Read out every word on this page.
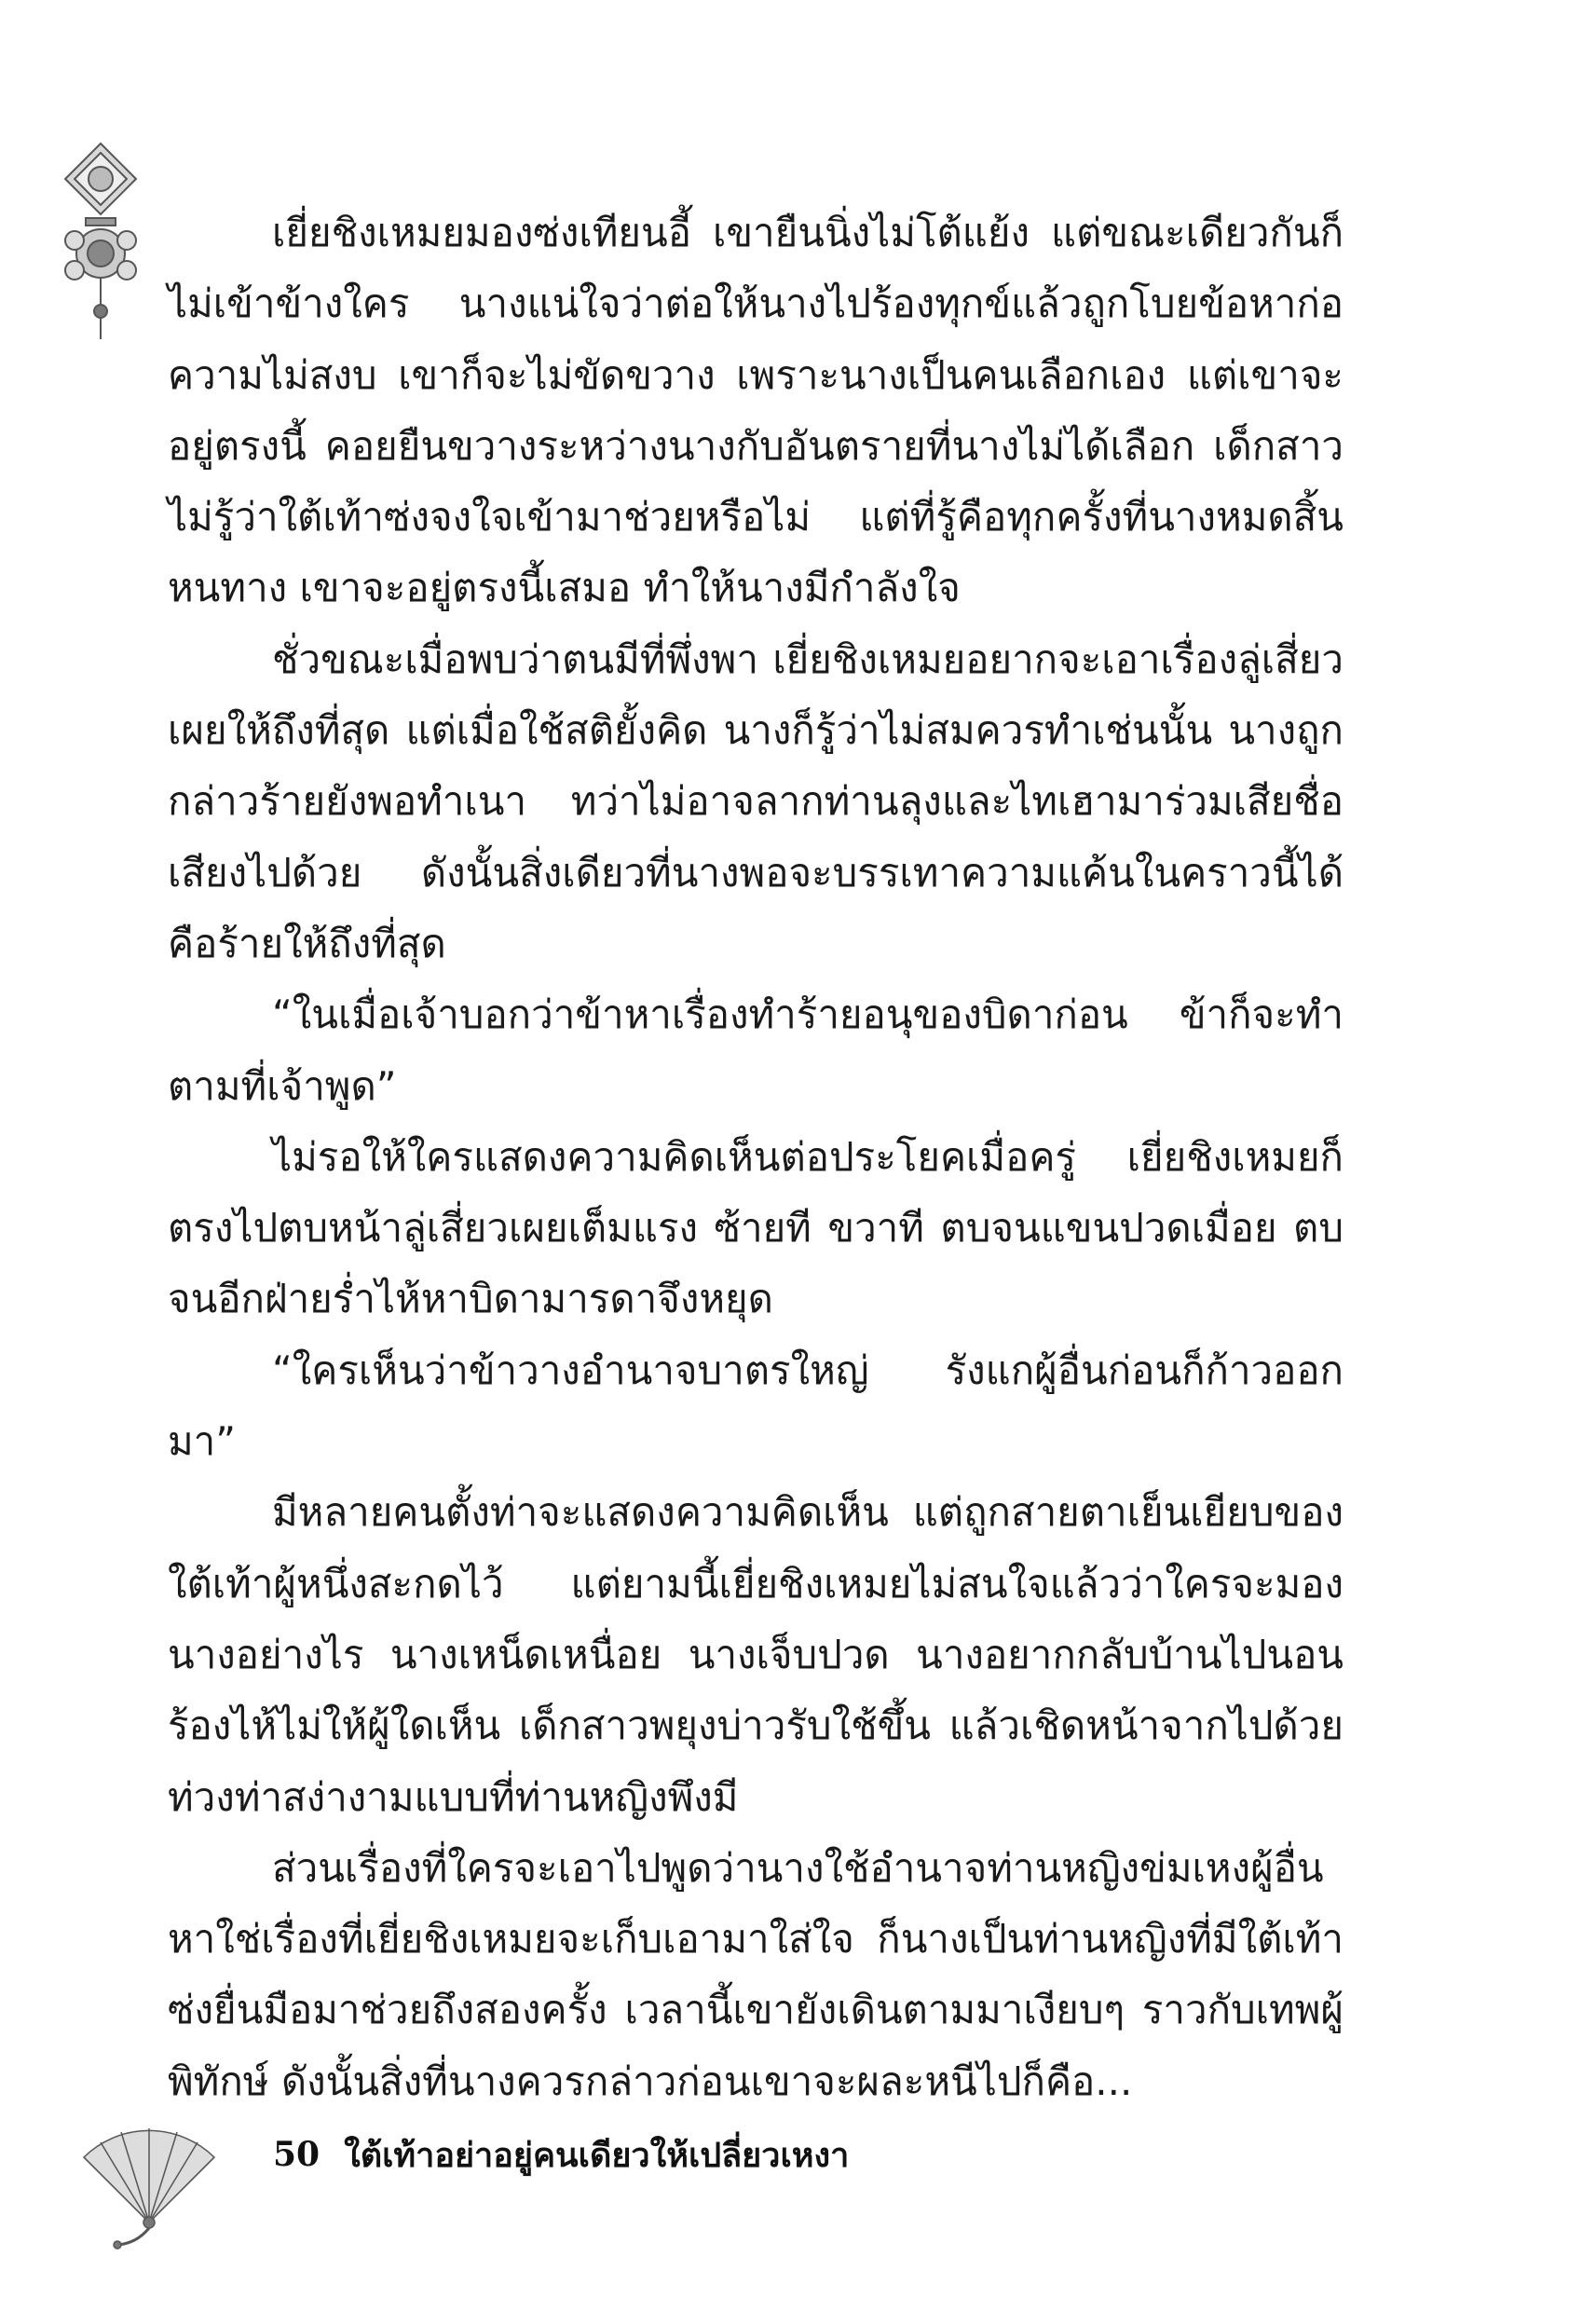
เยี่ยชิงเหมยมองซ่งเทียนอี้ เขายืนนิ่งไม่โต้แย้ง แต่ขณะเดียวกันก็ไม่เข้าข้างใคร นางแน่ใจว่าต่อให้นางไปร้องทุกข์แล้วถูกโบยข้อหาก่อความไม่สงบ เขาก็จะไม่ขัดขวาง เพราะนางเป็นคนเลือกเอง แต่เขาจะอยู่ตรงนี้ คอยยืนขวางระหว่างนางกับอันตรายที่นางไม่ได้เลือก เด็กสาวไม่รู้ว่าใต้เท้าซ่งจงใจเข้ามาช่วยหรือไม่ แต่ที่รู้คือทุกครั้งที่นางหมดสิ้นหนทาง เขาจะอยู่ตรงนี้เสมอ ทำให้นางมีกำลังใจ

ชั่วขณะเมื่อพบว่าตนมีที่พึ่งพา เยี่ยชิงเหมยอยากจะเอาเรื่องลู่เสี่ยวเผยให้ถึงที่สุด แต่เมื่อใช้สติยั้งคิด นางก็รู้ว่าไม่สมควรทำเช่นนั้น นางถูกกล่าวร้ายยังพอทำเนา ทว่าไม่อาจลากท่านลุงและไทเฮามาร่วมเสียชื่อเสียงไปด้วย ดังนั้นสิ่งเดียวที่นางพอจะบรรเทาความแค้นในคราวนี้ได้คือร้ายให้ถึงที่สุด

“ในเมื่อเจ้าบอกว่าข้าหาเรื่องทำร้ายอนุของบิดาก่อน ข้าก็จะทำตามที่เจ้าพูด”

ไม่รอให้ใครแสดงความคิดเห็นต่อประโยคเมื่อครู่ เยี่ยชิงเหมยก็ตรงไปตบหน้าลู่เสี่ยวเผยเต็มแรง ซ้ายที ขวาที ตบจนแขนปวดเมื่อย ตบจนอีกฝ่ายร่ำไห้หาบิดามารดาจึงหยุด

“ใครเห็นว่าข้าวางอำนาจบาตรใหญ่ รังแกผู้อื่นก่อนก็ก้าวออกมา”

มีหลายคนตั้งท่าจะแสดงความคิดเห็น แต่ถูกสายตาเย็นเยียบของใต้เท้าผู้หนึ่งสะกดไว้ แต่ยามนี้เยี่ยชิงเหมยไม่สนใจแล้วว่าใครจะมองนางอย่างไร นางเหน็ดเหนื่อย นางเจ็บปวด นางอยากกลับบ้านไปนอนร้องไห้ไม่ให้ผู้ใดเห็น เด็กสาวพยุงบ่าวรับใช้ขึ้น แล้วเชิดหน้าจากไปด้วยท่วงท่าสง่างามแบบที่ท่านหญิงพึงมี

ส่วนเรื่องที่ใครจะเอาไปพูดว่านางใช้อำนาจท่านหญิงข่มเหงผู้อื่นหาใช่เรื่องที่เยี่ยชิงเหมยจะเก็บเอามาใส่ใจ ก็นางเป็นท่านหญิงที่มีใต้เท้าซ่งยื่นมือมาช่วยถึงสองครั้ง เวลานี้เขายังเดินตามมาเงียบๆ ราวกับเทพผู้พิทักษ์ ดังนั้นสิ่งที่นางควรกล่าวก่อนเขาจะผละหนีไปก็คือ...

50 ใต้เท้าอย่าอยู่คนเดียวให้เปลี่ยวเหงา
